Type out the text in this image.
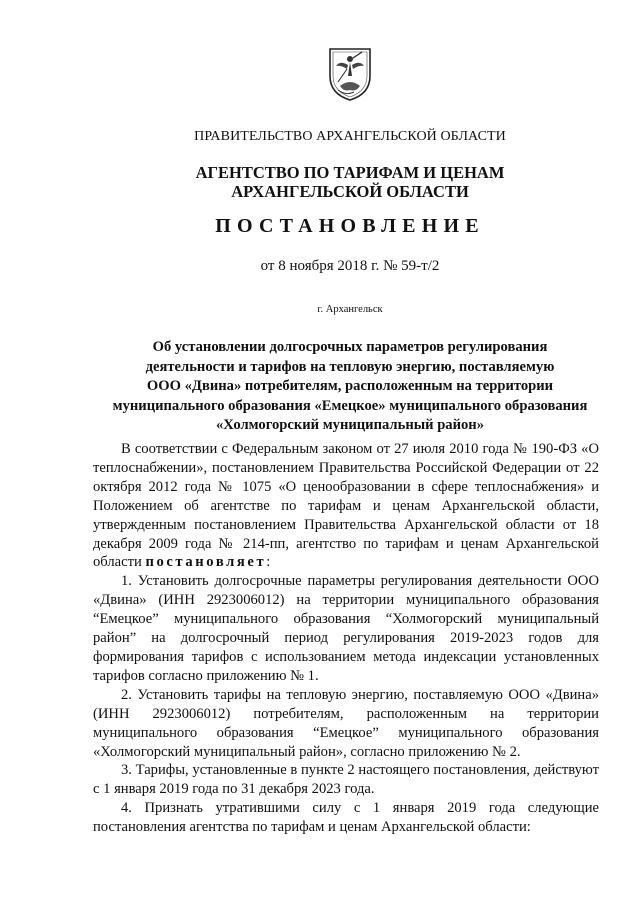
ПРАВИТЕЛЬСТВО АРХАНГЕЛЬСКОЙ ОБЛАСТИ
АГЕНТСТВО ПО ТАРИФАМ И ЦЕНАМ
АРХАНГЕЛЬСКОЙ ОБЛАСТИ
ПОСТАНОВЛЕНИЕ
от 8 ноября 2018 г. № 59-т/2
г. Архангельск
Об установлении долгосрочных параметров регулирования
деятельности и тарифов на тепловую энергию, поставляемую
ООО «Двина» потребителям, расположенным на территории
муниципального образования «Емецкое» муниципального образования
«Холмогорский муниципальный район»

В соответствии с Федеральным законом от 27 июля 2010 года № 190-ФЗ «О теплоснабжении», постановлением Правительства Российской Федерации от 22 октября 2012 года № 1075 «О ценообразовании в сфере теплоснабжения» и Положением об агентстве по тарифам и ценам Архангельской области, утвержденным постановлением Правительства Архангельской области от 18 декабря 2009 года № 214-пп, агентство по тарифам и ценам Архангельской области постановляет:

1. Установить долгосрочные параметры регулирования деятельности ООО «Двина» (ИНН 2923006012) на территории муниципального образования “Емецкое” муниципального образования “Холмогорский муниципальный район” на долгосрочный период регулирования 2019-2023 годов для формирования тарифов с использованием метода индексации установленных тарифов согласно приложению № 1.

2. Установить тарифы на тепловую энергию, поставляемую ООО «Двина» (ИНН 2923006012) потребителям, расположенным на территории муниципального образования “Емецкое” муниципального образования «Холмогорский муниципальный район», согласно приложению № 2.

3. Тарифы, установленные в пункте 2 настоящего постановления, действуют с 1 января 2019 года по 31 декабря 2023 года.

4. Признать утратившими силу с 1 января 2019 года следующие постановления агентства по тарифам и ценам Архангельской области:
